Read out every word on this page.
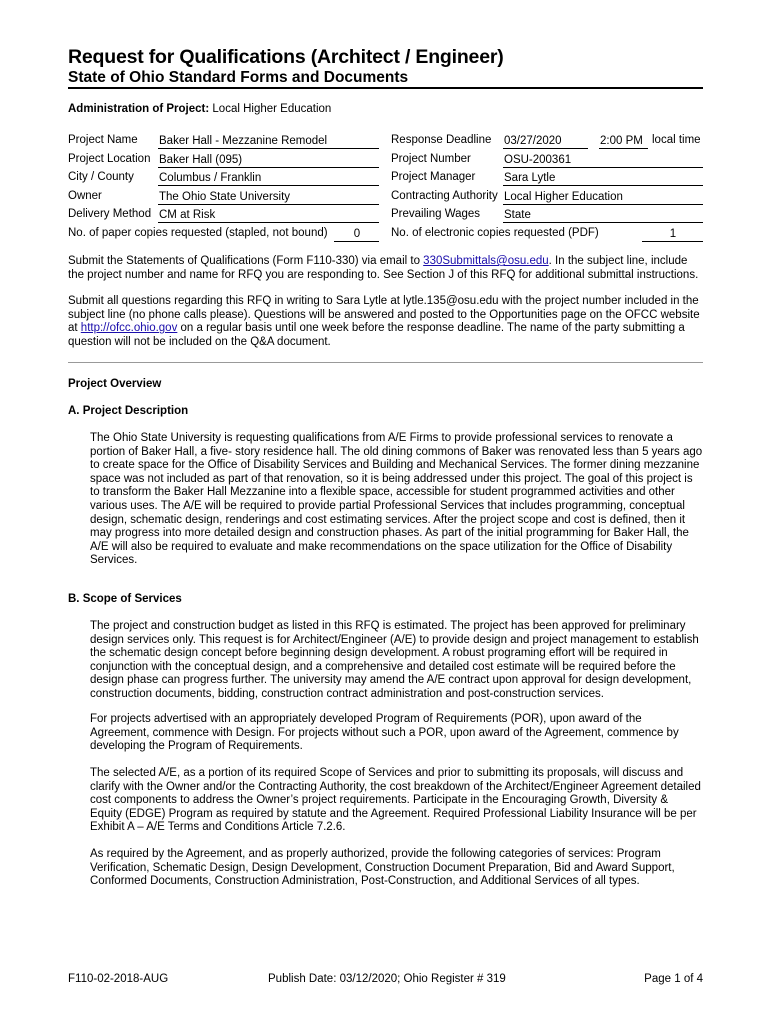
Request for Qualifications (Architect / Engineer)
State of Ohio Standard Forms and Documents
Administration of Project: Local Higher Education
Project Name Baker Hall - Mezzanine Remodel	Response Deadline 03/27/2020	2:00 PM local time
Project Location Baker Hall (095)	Project Number	OSU-200361
City / County Columbus / Franklin	Project Manager Sara Lytle
Owner	The Ohio State University	Contracting Authority Local Higher Education
Delivery Method CM at Risk	Prevailing Wages State
No. of paper copies requested (stapled, not bound)	0	No. of electronic copies requested (PDF)	1
Submit the Statements of Qualifications (Form F110-330) via email to 330Submittals@osu.edu. In the subject line, include the project number and name for RFQ you are responding to. See Section J of this RFQ for additional submittal instructions.
Submit all questions regarding this RFQ in writing to Sara Lytle at lytle.135@osu.edu with the project number included in the subject line (no phone calls please). Questions will be answered and posted to the Opportunities page on the OFCC website at http://ofcc.ohio.gov on a regular basis until one week before the response deadline. The name of the party submitting a question will not be included on the Q&A document.
Project Overview
A. Project Description
The Ohio State University is requesting qualifications from A/E Firms to provide professional services to renovate a portion of Baker Hall, a five- story residence hall. The old dining commons of Baker was renovated less than 5 years ago to create space for the Office of Disability Services and Building and Mechanical Services. The former dining mezzanine space was not included as part of that renovation, so it is being addressed under this project. The goal of this project is to transform the Baker Hall Mezzanine into a flexible space, accessible for student programmed activities and other various uses. The A/E will be required to provide partial Professional Services that includes programming, conceptual design, schematic design, renderings and cost estimating services. After the project scope and cost is defined, then it may progress into more detailed design and construction phases. As part of the initial programming for Baker Hall, the A/E will also be required to evaluate and make recommendations on the space utilization for the Office of Disability Services.
B. Scope of Services
The project and construction budget as listed in this RFQ is estimated. The project has been approved for preliminary design services only. This request is for Architect/Engineer (A/E) to provide design and project management to establish the schematic design concept before beginning design development. A robust programing effort will be required in conjunction with the conceptual design, and a comprehensive and detailed cost estimate will be required before the design phase can progress further. The university may amend the A/E contract upon approval for design development, construction documents, bidding, construction contract administration and post-construction services.
For projects advertised with an appropriately developed Program of Requirements (POR), upon award of the Agreement, commence with Design. For projects without such a POR, upon award of the Agreement, commence by developing the Program of Requirements.
The selected A/E, as a portion of its required Scope of Services and prior to submitting its proposals, will discuss and clarify with the Owner and/or the Contracting Authority, the cost breakdown of the Architect/Engineer Agreement detailed cost components to address the Owner’s project requirements. Participate in the Encouraging Growth, Diversity & Equity (EDGE) Program as required by statute and the Agreement. Required Professional Liability Insurance will be per Exhibit A – A/E Terms and Conditions Article 7.2.6.
As required by the Agreement, and as properly authorized, provide the following categories of services: Program Verification, Schematic Design, Design Development, Construction Document Preparation, Bid and Award Support, Conformed Documents, Construction Administration, Post-Construction, and Additional Services of all types.
F110-02-2018-AUG	Publish Date: 03/12/2020; Ohio Register # 319	Page 1 of 4
